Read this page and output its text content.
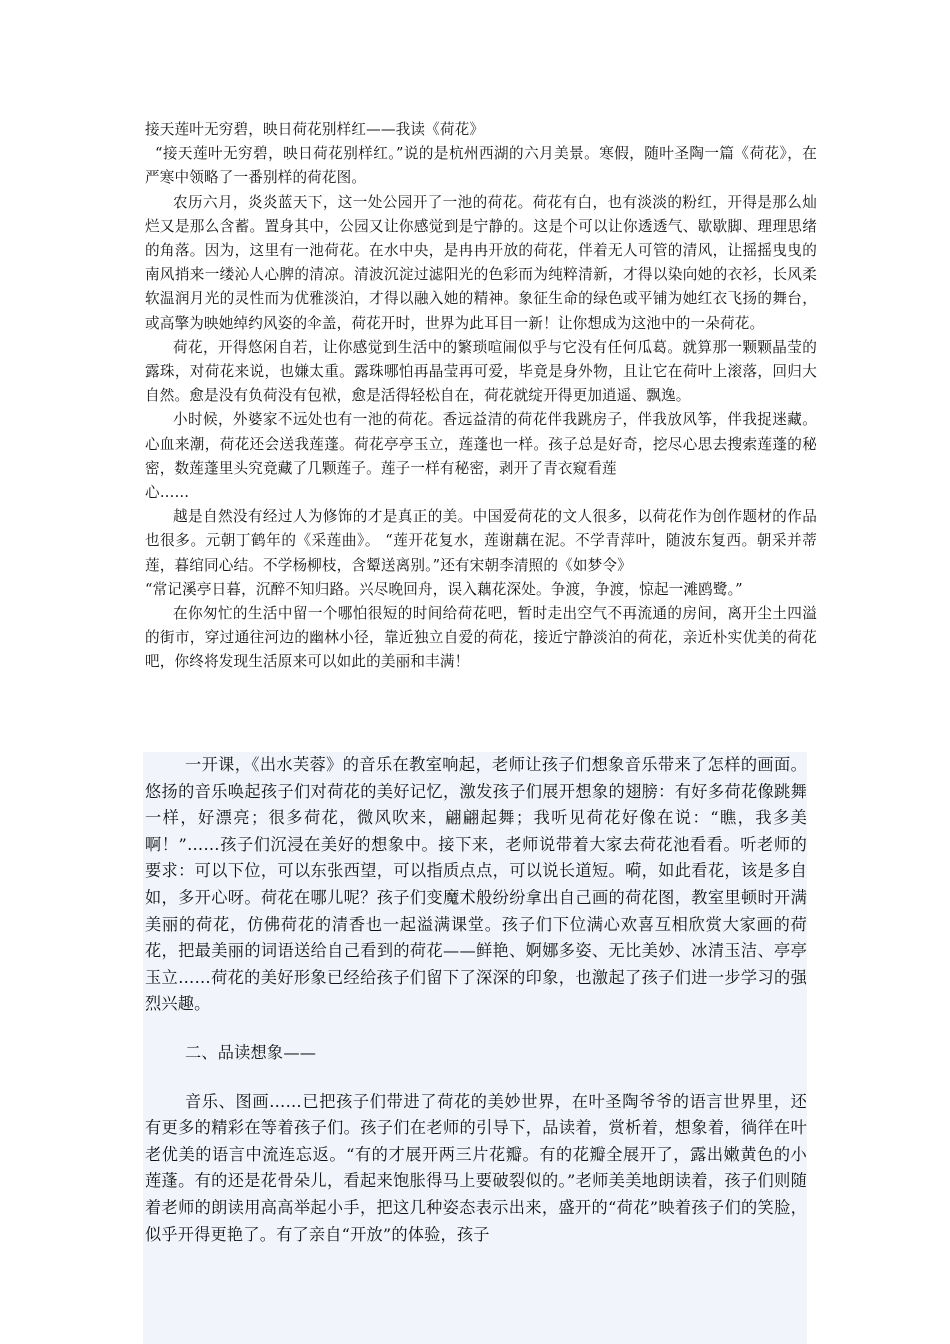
接天莲叶无穷碧，映日荷花别样红——我读《荷花》

“接天莲叶无穷碧，映日荷花别样红。”说的是杭州西湖的六月美景。寒假，随叶圣陶一篇《荷花》，在严寒中领略了一番别样的荷花图。

农历六月，炎炎蓝天下，这一处公园开了一池的荷花。荷花有白，也有淡淡的粉红，开得是那么灿烂又是那么含蓄。置身其中，公园又让你感觉到是宁静的。这是个可以让你透透气、歇歇脚、理理思绪的角落。因为，这里有一池荷花。在水中央，是冉冉开放的荷花，伴着无人可管的清风，让摇摇曳曳的南风捎来一缕沁人心脾的清凉。清波沉淀过滤阳光的色彩而为纯粹清新，才得以染向她的衣衫，长风柔软温润月光的灵性而为优雅淡泊，才得以融入她的精神。象征生命的绿色或平铺为她红衣飞扬的舞台，或高擎为映她绰约风姿的伞盖，荷花开时，世界为此耳目一新！让你想成为这池中的一朵荷花。

荷花，开得悠闲自若，让你感觉到生活中的繁琐喧闹似乎与它没有任何瓜葛。就算那一颗颗晶莹的露珠，对荷花来说，也嫌太重。露珠哪怕再晶莹再可爱，毕竟是身外物，且让它在荷叶上滚落，回归大自然。愈是没有负荷没有包袱，愈是活得轻松自在，荷花就绽开得更加逍遥、飘逸。

小时候，外婆家不远处也有一池的荷花。香远益清的荷花伴我跳房子，伴我放风筝，伴我捉迷藏。心血来潮，荷花还会送我莲蓬。荷花亭亭玉立，莲蓬也一样。孩子总是好奇，挖尽心思去搜索莲蓬的秘密，数莲蓬里头究竟藏了几颗莲子。莲子一样有秘密，剥开了青衣窥看莲

心……

越是自然没有经过人为修饰的才是真正的美。中国爱荷花的文人很多，以荷花作为创作题材的作品也很多。元朝丁鹤年的《采莲曲》。 “莲开花复水，莲谢藕在泥。不学青萍叶，随波东复西。朝采并蒂莲，暮绾同心结。不学杨柳枝，含颦送离别。”还有宋朝李清照的《如梦令》

“常记溪亭日暮，沉醉不知归路。兴尽晚回舟，误入藕花深处。争渡，争渡，惊起一滩鸥鹭。”

在你匆忙的生活中留一个哪怕很短的时间给荷花吧，暂时走出空气不再流通的房间，离开尘土四溢的街市，穿过通往河边的幽林小径，靠近独立自爱的荷花，接近宁静淡泊的荷花，亲近朴实优美的荷花吧，你终将发现生活原来可以如此的美丽和丰满！

一开课，《出水芙蓉》的音乐在教室响起，老师让孩子们想象音乐带来了怎样的画面。悠扬的音乐唤起孩子们对荷花的美好记忆，激发孩子们展开想象的翅膀：有好多荷花像跳舞一样，好漂亮；很多荷花，微风吹来，翩翩起舞；我听见荷花好像在说：“瞧，我多美啊！”……孩子们沉浸在美好的想象中。接下来，老师说带着大家去荷花池看看。听老师的要求：可以下位，可以东张西望，可以指质点点，可以说长道短。嗬，如此看花，该是多自如，多开心呀。荷花在哪儿呢？孩子们变魔术般纷纷拿出自己画的荷花图，教室里顿时开满美丽的荷花，仿佛荷花的清香也一起溢满课堂。孩子们下位满心欢喜互相欣赏大家画的荷花，把最美丽的词语送给自己看到的荷花——鲜艳、婀娜多姿、无比美妙、冰清玉洁、亭亭玉立……荷花的美好形象已经给孩子们留下了深深的印象，也激起了孩子们进一步学习的强烈兴趣。

二、品读想象——

音乐、图画……已把孩子们带进了荷花的美妙世界，在叶圣陶爷爷的语言世界里，还有更多的精彩在等着孩子们。孩子们在老师的引导下，品读着，赏析着，想象着，徜徉在叶老优美的语言中流连忘返。“有的才展开两三片花瓣。有的花瓣全展开了，露出嫩黄色的小莲蓬。有的还是花骨朵儿，看起来饱胀得马上要破裂似的。”老师美美地朗读着，孩子们则随着老师的朗读用高高举起小手，把这几种姿态表示出来，盛开的“荷花”映着孩子们的笑脸，似乎开得更艳了。有了亲自“开放”的体验，孩子
